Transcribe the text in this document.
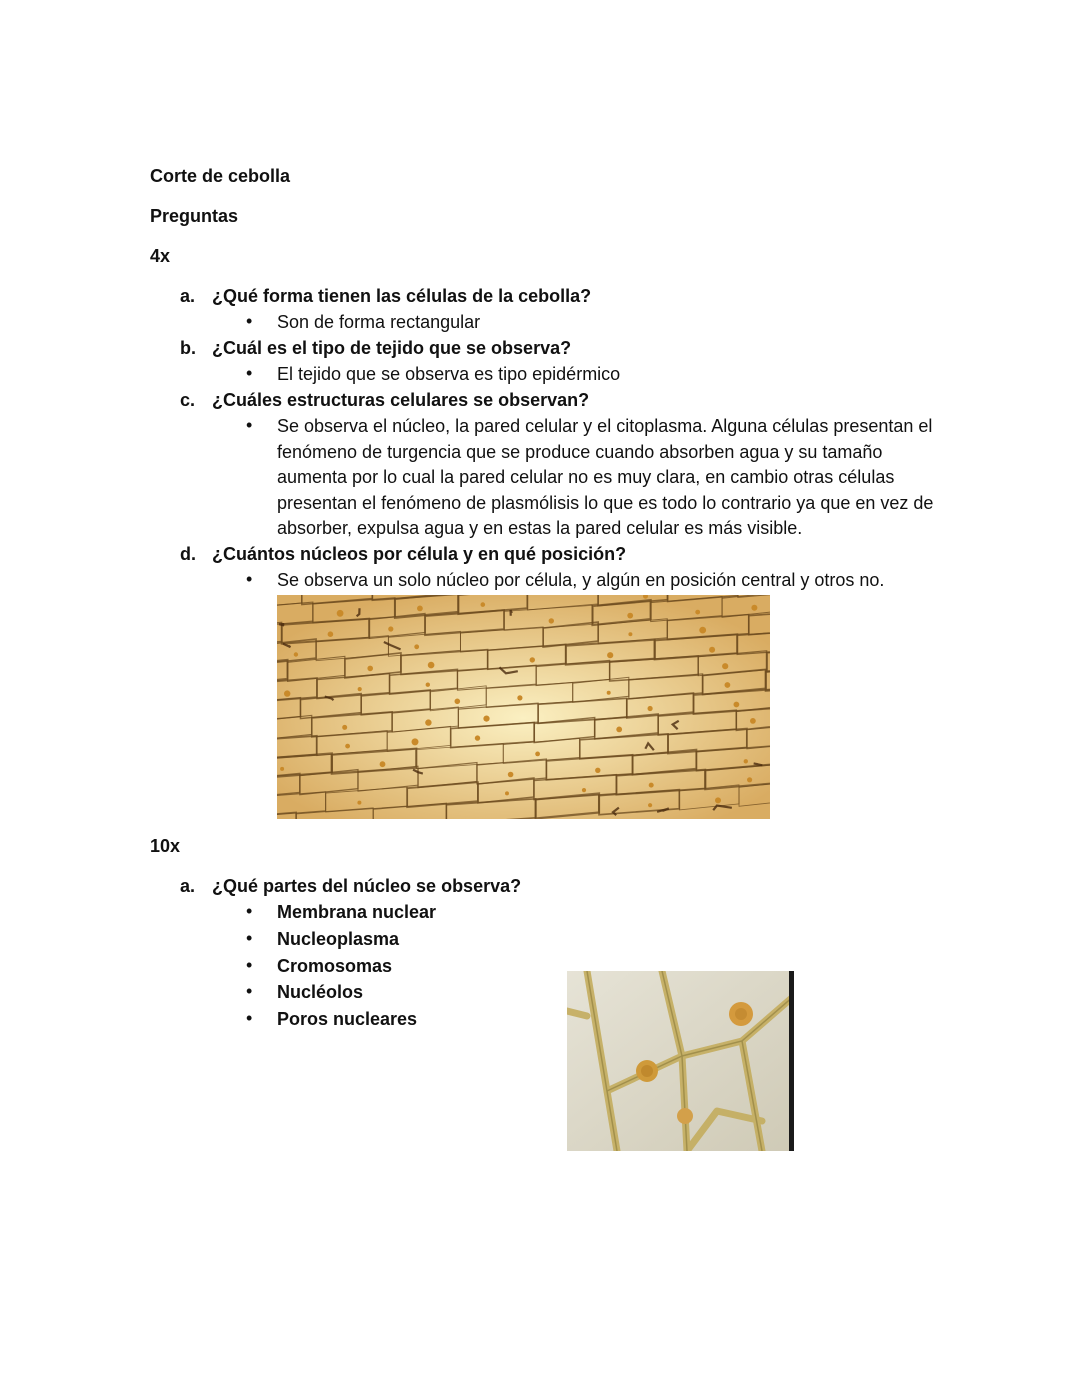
Corte de cebolla
Preguntas
4x
a. ¿Qué forma tienen las células de la cebolla?
• Son de forma rectangular
b. ¿Cuál es el tipo de tejido que se observa?
• El tejido que se observa es tipo epidérmico
c. ¿Cuáles estructuras celulares se observan?
• Se observa el núcleo, la pared celular y el citoplasma. Alguna células presentan el fenómeno de turgencia que se produce cuando absorben agua y su tamaño aumenta por lo cual la pared celular no es muy clara, en cambio otras células presentan el fenómeno de plasmólisis lo que es todo lo contrario ya que en vez de absorber, expulsa agua y en estas la pared celular es más visible.
d. ¿Cuántos núcleos por célula y en qué posición?
• Se observa un solo núcleo por célula, y algún en posición central y otros no.
10x
a. ¿Qué partes del núcleo se observa?
• Membrana nuclear
• Nucleoplasma
• Cromosomas
• Nucléolos
• Poros nucleares
